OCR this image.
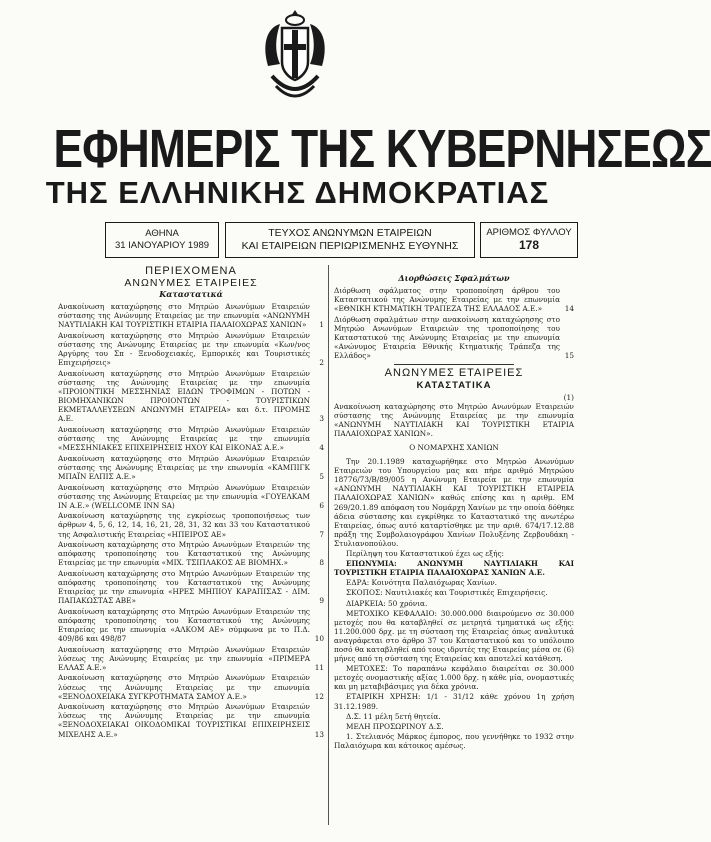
ΕΦΗΜΕΡΙΣ ΤΗΣ ΚΥΒΕΡΝΗΣΕΩΣ
ΤΗΣ ΕΛΛΗΝΙΚΗΣ ΔΗΜΟΚΡΑΤΙΑΣ
ΑΘΗΝΑ
31 ΙΑΝΟΥΑΡΙΟΥ 1989
ΤΕΥΧΟΣ ΑΝΩΝΥΜΩΝ ΕΤΑΙΡΕΙΩΝ
ΚΑΙ ΕΤΑΙΡΕΙΩΝ ΠΕΡΙΩΡΙΣΜΕΝΗΣ ΕΥΘΥΝΗΣ
ΑΡΙΘΜΟΣ ΦΥΛΛΟΥ
178
ΠΕΡΙΕΧΟΜΕΝΑ
ΑΝΩΝΥΜΕΣ ΕΤΑΙΡΕΙΕΣ
Καταστατικά
Ανακοίνωση καταχώρησης στο Μητρώο Ανωνύμων Εταιρειών σύστασης της Ανώνυμης Εταιρείας με την επωνυμία «ΑΝΩΝΥΜΗ ΝΑΥΤΙΛΙΑΚΗ ΚΑΙ ΤΟΥΡΙΣΤΙΚΗ ΕΤΑΙΡΙΑ ΠΑΛΑΙΟΧΩΡΑΣ ΧΑΝΙΩΝ» 1
Ανακοίνωση καταχώρησης στο Μητρώο Ανωνύμων Εταιρειών σύστασης της Ανώνυμης Εταιρείας με την επωνυμία «Κων/νος Αργύρης του Σπ - Ξενοδοχειακές, Εμπορικές και Τουριστικές Επιχειρήσεις»	2
Ανακοίνωση καταχώρησης στο Μητρώο Ανωνύμων Εταιρειών σύστασης της Ανώνυμης Εταιρείας με την επωνυμία «ΠΡΟΙΟΝΤΙΚΗ ΜΕΣΣΗΝΙΑΣ ΕΙΔΩΝ ΤΡΟΦΙΜΩΝ - ΠΟΤΩΝ - ΒΙΟΜΗΧΑΝΙΚΩΝ ΠΡΟΙΟΝΤΩΝ - ΤΟΥΡΙΣΤΙΚΩΝ ΕΚΜΕΤΑΛΛΕΥΣΕΩΝ ΑΝΩΝΥΜΗ ΕΤΑΙΡΕΙΑ» και δ.τ. ΠΡΟΜΗΣ Α.Ε.	3
Ανακοίνωση καταχώρησης στο Μητρώο Ανωνύμων Εταιρειών σύστασης της Ανώνυμης Εταιρείας με την επωνυμία «ΜΕΣΣΗΝΙΑΚΕΣ ΕΠΙΧΕΙΡΗΣΕΙΣ ΗΧΟΥ ΚΑΙ ΕΙΚΟΝΑΣ Α.Ε.»	4
Ανακοίνωση καταχώρησης στο Μητρώο Ανωνύμων Εταιρειών σύστασης της Ανώνυμης Εταιρείας με την επωνυμία «ΚΑΜΠΙΓΚ ΜΠΑΪΝ ΕΛΠΙΣ Α.Ε.»	5
Ανακοίνωση καταχώρησης στο Μητρώο Ανωνύμων Εταιρειών σύστασης της Ανώνυμης Εταιρείας με την επωνυμία «ΓΟΥΕΛΚΑΜ ΙΝ Α.Ε.» (WELLCOME INN SA)	6
Ανακοίνωση καταχώρησης της εγκρίσεως τροποποιήσεως των άρθρων 4, 5, 6, 12, 14, 16, 21, 28, 31, 32 και 33 του Καταστατικού της Ασφαλιστικής Εταιρείας «ΗΠΕΙΡΟΣ ΑΕ»	7
Ανακοίνωση καταχώρησης στο Μητρώο Ανωνύμων Εταιρειών της απόφασης τροποποίησης του Καταστατικού της Ανώνυμης Εταιρείας με την επωνυμία «ΜΙΧ. ΤΣΙΠΛΑΚΟΣ ΑΕ ΒΙΟΜΗΧ.»	8
Ανακοίνωση καταχώρησης στο Μητρώο Ανωνύμων Εταιρειών της απόφασης τροποποίησης του Καταστατικού της Ανώνυμης Εταιρείας με την επωνυμία «ΗΡΕΣ ΜΗΠΙΟΥ ΚΑΡΑΠΙΣΑΣ - ΔΙΜ. ΠΑΠΑΚΩΣΤΑΣ ΑΒΕ»	9
Ανακοίνωση καταχώρησης στο Μητρώο Ανωνύμων Εταιρειών της απόφασης τροποποίησης του Καταστατικού της Ανώνυμης Εταιρείας με την επωνυμία «ΑΛΚΟΜ ΑΕ» σύμφωνα με το Π.Δ. 409/86 και 498/87	10
Ανακοίνωση καταχώρησης στο Μητρώο Ανωνύμων Εταιρειών λύσεως της Ανώνυμης Εταιρείας με την επωνυμία «ΠΡΙΜΕΡΑ ΕΛΛΑΣ Α.Ε.»	11
Ανακοίνωση καταχώρησης στο Μητρώο Ανωνύμων Εταιρειών λύσεως της Ανώνυμης Εταιρείας με την επωνυμία «ΞΕΝΟΔΟΧΕΙΑΚΑ ΣΥΓΚΡΟΤΗΜΑΤΑ ΣΑΜΟΥ Α.Ε.»	12
Ανακοίνωση καταχώρησης στο Μητρώο Ανωνύμων Εταιρειών λύσεως της Ανώνυμης Εταιρείας με την επωνυμία «ΞΕΝΟΔΟΧΕΙΑΚΑΙ ΟΙΚΟΔΟΜΙΚΑΙ ΤΟΥΡΙΣΤΙΚΑΙ ΕΠΙΧΕΙΡΗΣΕΙΣ ΜΙΧΕΛΗΣ Α.Ε.»	13
Διορθώσεις Σφαλμάτων
Διόρθωση σφάλματος στην τροποποίηση άρθρου του Καταστατικού της Ανώνυμης Εταιρείας με την επωνυμία «ΕΘΝΙΚΗ ΚΤΗΜΑΤΙΚΗ ΤΡΑΠΕΖΑ ΤΗΣ ΕΛΛΑΔΟΣ Α.Ε.»	14
Διόρθωση σφαλμάτων στην ανακοίνωση καταχώρησης στο Μητρώο Ανωνύμων Εταιρειών της τροποποίησης του Καταστατικού της Ανώνυμης Εταιρείας με την επωνυμία «Ανώνυμος Εταιρεία Εθνικής Κτηματικής Τράπεζα της Ελλάδος»	15
ΑΝΩΝΥΜΕΣ ΕΤΑΙΡΕΙΕΣ
ΚΑΤΑΣΤΑΤΙΚΑ
(1)
Ανακοίνωση καταχώρησης στο Μητρώο Ανωνύμων Εταιρειών σύστασης της Ανώνυμης Εταιρείας με την επωνυμία «ΑΝΩΝΥΜΗ ΝΑΥΤΙΛΙΑΚΗ ΚΑΙ ΤΟΥΡΙΣΤΙΚΗ ΕΤΑΙΡΙΑ ΠΑΛΑΙΟΧΩΡΑΣ ΧΑΝΙΩΝ».
Ο ΝΟΜΑΡΧΗΣ ΧΑΝΙΩΝ
Την 20.1.1989 καταχωρήθηκε στο Μητρώο Ανωνύμων Εταιρειών του Υπουργείου μας και πήρε αριθμό Μητρώου 18776/73/Β/89/005 η Ανώνυμη Εταιρεία με την επωνυμία «ΑΝΩΝΥΜΗ ΝΑΥΤΙΛΙΑΚΗ ΚΑΙ ΤΟΥΡΙΣΤΙΚΗ ΕΤΑΙΡΕΙΑ ΠΑΛΑΙΟΧΩΡΑΣ ΧΑΝΙΩΝ» καθώς επίσης και η αριθμ. ΕΜ 269/20.1.89 απόφαση του Νομάρχη Χανίων με την οποία δόθηκε άδεια σύστασης και εγκρίθηκε το Καταστατικό της ανωτέρω Εταιρείας, όπως αυτό καταρτίσθηκε με την αριθ. 674/17.12.88 πράξη της Συμβολαιογράφου Χανίων Πολυξένης Ζερβουδάκη - Στυλιανοπούλου.
Περίληψη του Καταστατικού έχει ως εξής:
ΕΠΩΝΥΜΙΑ: ΑΝΩΝΥΜΗ ΝΑΥΤΙΛΙΑΚΗ ΚΑΙ ΤΟΥΡΙΣΤΙΚΗ ΕΤΑΙΡΙΑ ΠΑΛΑΙΟΧΩΡΑΣ ΧΑΝΙΩΝ Α.Ε.
ΕΔΡΑ: Κοινότητα Παλαιόχωρας Χανίων.
ΣΚΟΠΟΣ: Ναυτιλιακές και Τουριστικές Επιχειρήσεις.
ΔΙΑΡΚΕΙΑ: 50 χρόνια.
ΜΕΤΟΧΙΚΟ ΚΕΦΑΛΑΙΟ: 30.000.000 διαιρούμενο σε 30.000 μετοχές που θα καταβληθεί σε μετρητά τμηματικά ως εξής: 11.200.000 δρχ. με τη σύσταση της Εταιρείας όπως αναλυτικά αναγράφεται στο άρθρο 37 του Καταστατικού και το υπόλοιπο ποσό θα καταβληθεί από τους ιδρυτές της Εταιρείας μέσα σε (6) μήνες από τη σύσταση της Εταιρείας και αποτελεί κατάθεση.
ΜΕΤΟΧΕΣ: Το παραπάνω κεφάλαιο διαιρείται σε 30.000 μετοχές ονομαστικής αξίας 1.000 δρχ. η κάθε μία, ονομαστικές και μη μεταβιβάσιμες για δέκα χρόνια.
ΕΤΑΙΡΙΚΗ ΧΡΗΣΗ: 1/1 - 31/12 κάθε χρόνου 1η χρήση 31.12.1989.
Δ.Σ. 11 μέλη 5ετή θητεία.
ΜΕΛΗ ΠΡΟΣΩΡΙΝΟΥ Δ.Σ.
1. Στελιανός Μάρκος έμπορος, που γεννήθηκε το 1932 στην Παλαιόχωρα και κάτοικος αμέσως.
